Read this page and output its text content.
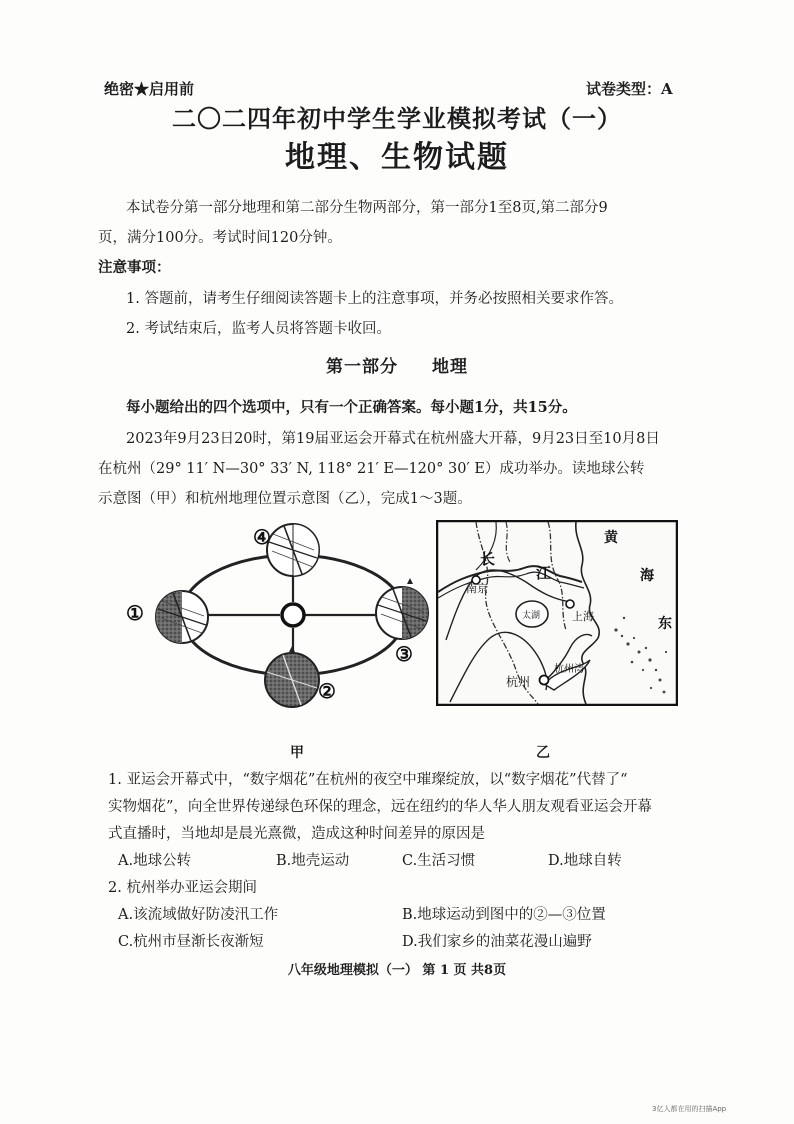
绝密★启用前	试卷类型：A
二〇二四年初中学生学业模拟考试（一）
地理、生物试题
本试卷分第一部分地理和第二部分生物两部分，第一部分1至8页,第二部分9
页，满分100分。考试时间120分钟。
注意事项：
1. 答题前，请考生仔细阅读答题卡上的注意事项，并务必按照相关要求作答。
2. 考试结束后，监考人员将答题卡收回。
第一部分 地理
每小题给出的四个选项中，只有一个正确答案。每小题1分，共15分。
2023年9月23日20时，第19届亚运会开幕式在杭州盛大开幕，9月23日至10月8日
在杭州（29° 11′ N—30° 33′ N, 118° 21′ E—120° 30′ E）成功举办。读地球公转
示意图（甲）和杭州地理位置示意图（乙），完成1～3题。
④
①
③
②
南京
长
江
太湖	上海
杭州
杭州湾
黄
海
东
甲	乙
1. 亚运会开幕式中，“数字烟花”在杭州的夜空中璀璨绽放，以“数字烟花”代替了“
实物烟花”，向全世界传递绿色环保的理念，远在纽约的华人华人朋友观看亚运会开幕
式直播时，当地却是晨光熹微，造成这种时间差异的原因是
A.地球公转	B.地壳运动	C.生活习惯	D.地球自转
2. 杭州举办亚运会期间
A.该流域做好防凌汛工作	B.地球运动到图中的②—③位置
C.杭州市昼渐长夜渐短	D.我们家乡的油菜花漫山遍野
八年级地理模拟（一） 第 1 页 共8页
3亿人都在用的扫描App
